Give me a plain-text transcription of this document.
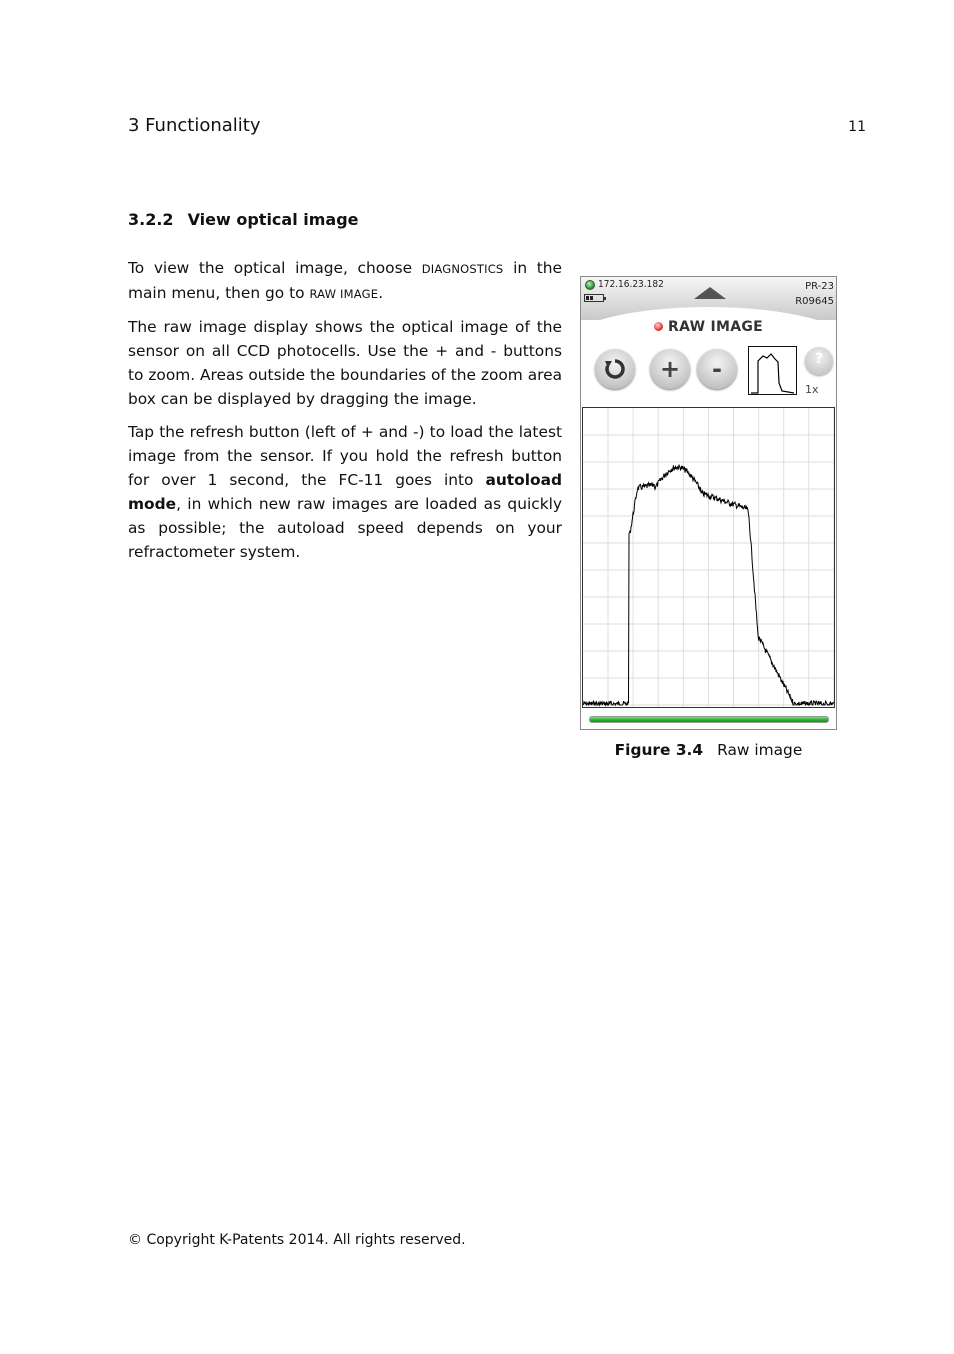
3 Functionality	11
3.2.2 View optical image

To view the optical image, choose DIAGNOSTICS in the main menu, then go to RAW IMAGE.

The raw image display shows the optical image of the sensor on all CCD photocells. Use the + and - buttons to zoom. Areas outside the boundaries of the zoom area box can be displayed by dragging the image.

Tap the refresh button (left of + and -) to load the latest image from the sensor. If you hold the refresh button for over 1 second, the FC-11 goes into autoload mode, in which new raw images are loaded as quickly as possible; the autoload speed depends on your refractometer system.

172.16.23.182	PR-23
R09645
RAW IMAGE
+	-	?
1x
Figure 3.4 Raw image
© Copyright K-Patents 2014. All rights reserved.
